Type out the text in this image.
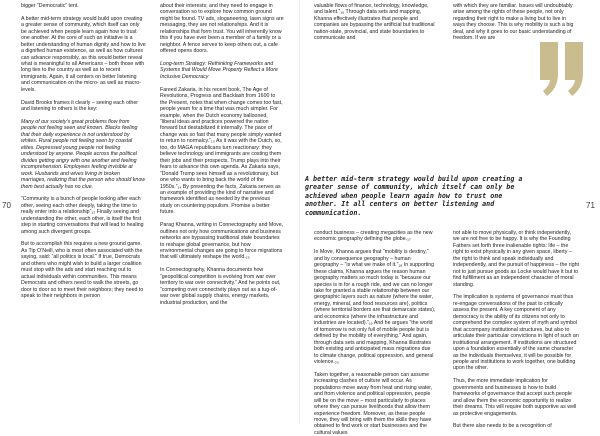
70	71

bigger “Democratic” tent.

A better mid-term strategy would build upon creating a greater sense of community, which itself can only be achieved when people learn again how to trust one another. At the core of such an initiative is a better understanding of human dignity and how to live a dignified human existence, as well as how cultures can advance responsibly, as this would better reveal what is meaningful to all Americans – both those with long ties to the country as well as to recent immigrants. Again, it all centers on better listening and communication on the micro- as well as macro-levels.

David Brooks frames it clearly – seeing each other and listening to others is the key:

Many of our society’s great problems flow from people not feeling seen and known. Blacks feeling that their daily experience is not understood by whites. Rural people not feeling seen by coastal elites. Depressed young people not feeling understood by anyone. People across the political divides getting angry with one another and feeling incomprehension. Employees feeling invisible at work. Husbands and wives living in broken marriages, realizing that the person who should know them best actually has no clue.

“Community is a bunch of people looking after each other, seeing each other deeply, taking the time to really enter into a relationship”₁₂ Finally seeing and understanding the other, each other, is itself the first step in starting conversations that will lead to healing among such divergent groups.

But to accomplish this requires a new ground game. As Tip O’Neill, who is most often associated with the saying, said: “all politics is local.” If true, Democrats and others who might wish to build a larger coalition must stop with the ads and start reaching out to actual individuals within communities. This means Democrats and others need to walk the streets, go door to door so to meet their neighbors; they need to speak to their neighbors in person

about their interests; and they need to engage in conversation so to explore how common ground might be found. TV ads, sloganeering, lawn signs are messaging, they are not relationships. And it is relationships that form trust. You will inherently know this if you have ever been a member of a family or a neighbor. A fence serves to keep others out, a cafe offered opens doors.

Long-term Strategy: Rethinking Frameworks and Systems that Would Move Property Reflect a More Inclusive Democracy

Fareed Zakaria, in his recent book, The Age of Revolutions, Progress and Backlash from 1600 to the Present, notes that when change comes too fast, people yearn for a time that was much simpler. For example, when the Dutch economy ballooned, “liberal ideas and practices powered the nation forward but destabilized it internally. The pace of change was so fast that many people simply wanted to return to normalcy.”₁₃ As it was with the Dutch, so, too, do MAGA republicans turn reactionary: they believe technology and immigrants are costing them their jobs and their prospects. Trump plays into their fears to advance this own agenda. As Zakaria says, “Donald Trump sees himself as a revolutionary, but one who wants to bring back the world of the 1950s.”₁₄ By presenting the facts, Zakaria serves as an example of providing the kind of narrative and framework identified as needed by the previous study on countering populism. Promise a better future.

Parag Khanna, writing in Connectography and Move, outlines not only how communications and business networks are bypassing traditional state boundaries to reshape global governance, but how environmental changes are going to force migrations that will ultimately reshape the world.₁₅

In Connectography, Khanna documents how “geopolitical competition is evolving from war over territory to war over connectivity.” And he points out, “competing over connectivity plays out as a tug-of-war over global supply chains, energy markets, industrial production, and the

valuable flows of finance, technology, knowledge, and talent.”₁₆ Through data sets and mapping, Khanna effectively illustrates that people and companies are bypassing the artificial but traditional nation-state, provincial, and state boundaries to communicate and

with which they are familiar. Issues will undoubtably arise among the rights of these people, not only regarding their right to make a living but to live in ways they choose. This is why mobility is such a big deal, and why it goes to our basic understanding of freedom. If we are

A better mid-term strategy would build upon creating a greater sense of community, which itself can only be achieved when people learn again how to trust one another. It all centers on better listening and communication.

conduct business – creating megacities as the new economic geography defining the globe.₁₇

In Move, Khanna argues that “mobility is destiny,” and by consequence geography – human geography – “is what we make of it.”₁₈ In supporting these claims, Khanna argues the reason human geography matters so much today is “because our species is in for a rough ride, and we can no longer take for granted a stable relationship between our geographic layers such as nature (where the water, energy, mineral, and food resources are), politics (where territorial borders are that demarcate states), and economics (where the infrastructure and industries are located).”₁₉ And he argues “the world of tomorrow is not only full of mobile people but is defined by the mobility of everything.” And again, through data sets and mapping, Khanna illustrates both existing and anticipated mass migrations due to climate change, political oppression, and general violence.₂₀

Taken together, a reasonable person can assume increasing clashes of culture will occur. As populations move away from heat and rising water, and from violence and political oppression, people will be on the move – most particularly to places where they can pursue livelihoods that allow them experience freedom. Moreover, as these people move, they will bring with them the skills they have obtained to find work or start businesses and the cultural values

not able to move physically, or think independently, we are not free to be happy. It is why the Founding Fathers set forth three inalienable rights: life – the right to exist physically in any given space, liberty – the right to think and speak individually and independently, and the pursuit of happiness – the right not to just pursue goods as Locke would have it but to find fulfillment as an independent character of moral standing.

The implication is systems of governance must thus re-engage conversations of the past to critically assess the present. A key component of any democracy is the ability of its citizens not only to comprehend the complex system of myth and symbol that accompany institutional structures, but also to articulate their particular convictions in light of such an institutional arrangement. If institutions are structured upon a foundation essentially of the same character as the individuals themselves, it will be possible for people and institutions to work together, one building upon the other.

Thus, the more immediate implication for governments and businesses is how to build frameworks of governance that accept such people and allow them the economic opportunity to realize their dreams. This will require both supportive as well as protective engagements.

But there also needs to be a recognition of
